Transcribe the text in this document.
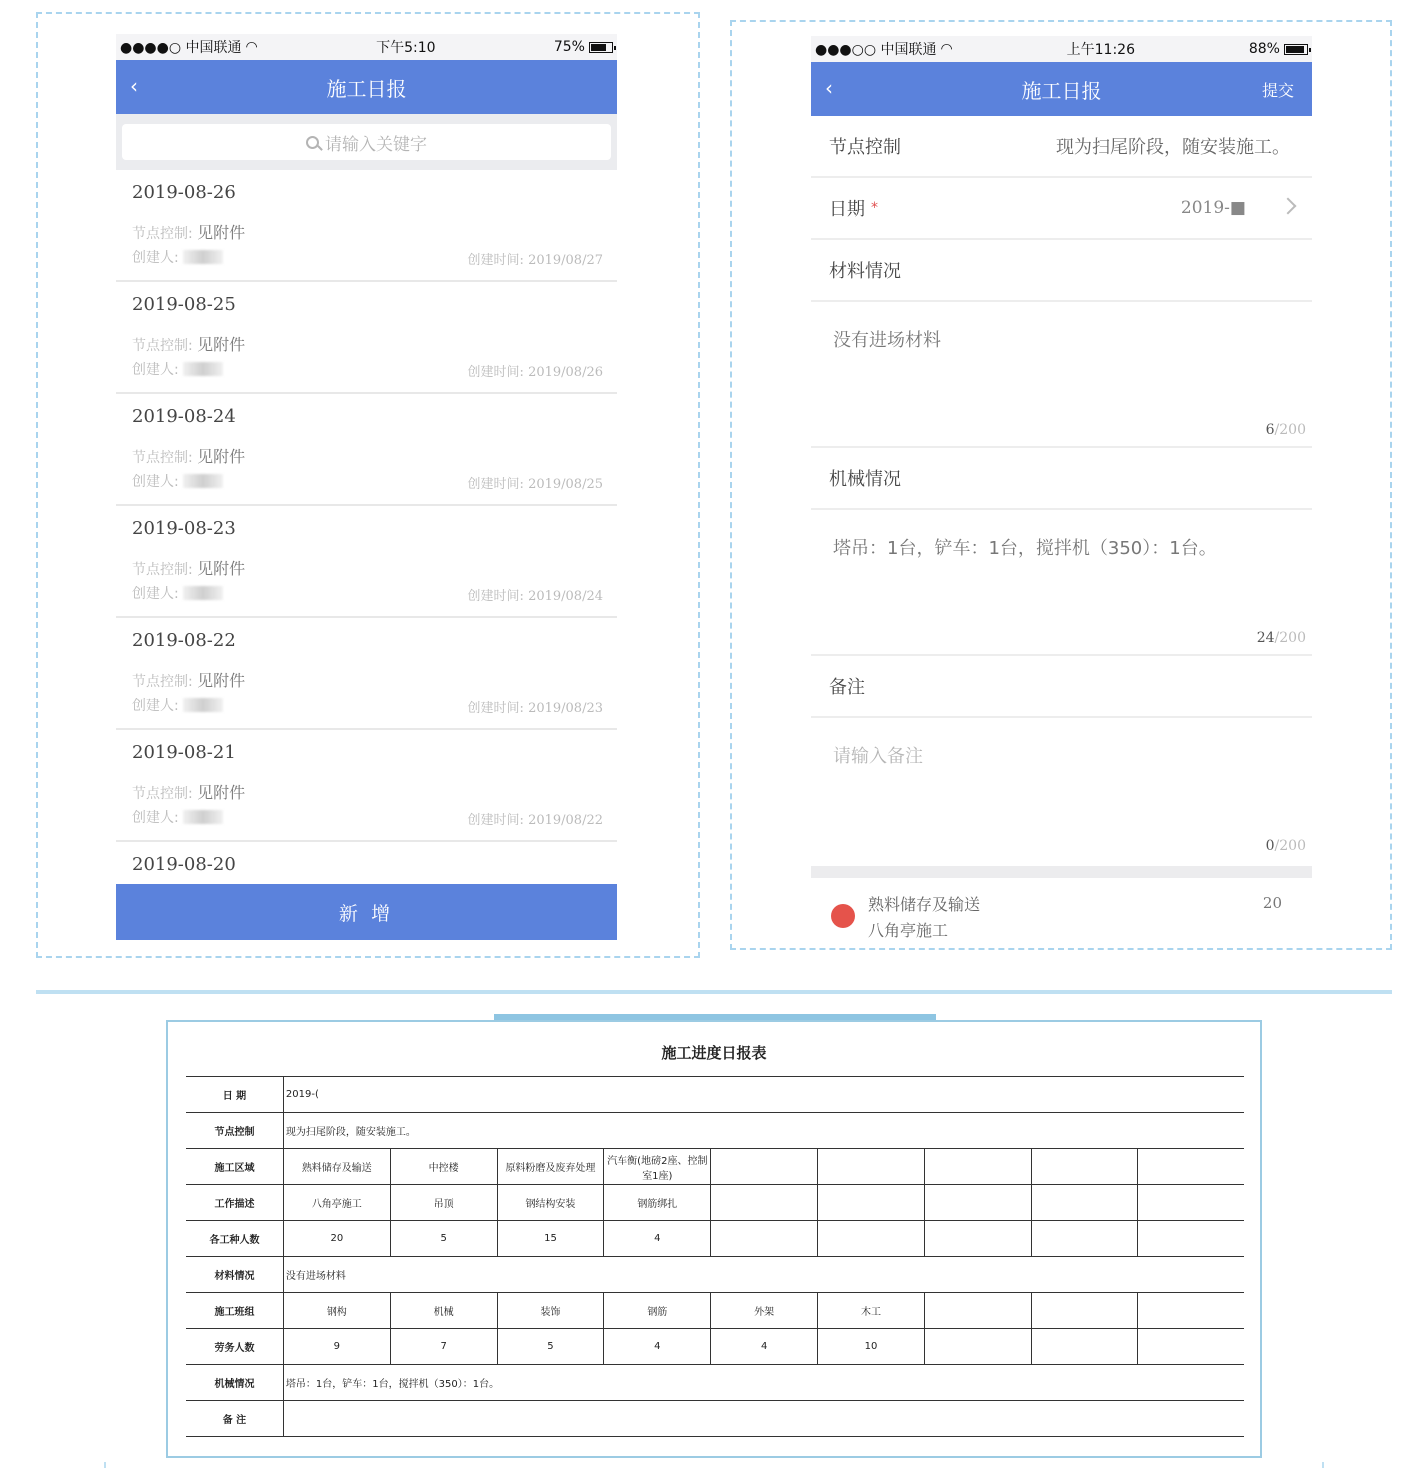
●●●●○ 中国联通 ◠	下午5:10	75%
‹	施工日报
请输入关键字
2019-08-26
节点控制: 见附件
创建人:	创建时间: 2019/08/27
2019-08-25
节点控制: 见附件
创建人:	创建时间: 2019/08/26
2019-08-24
节点控制: 见附件
创建人:	创建时间: 2019/08/25
2019-08-23
节点控制: 见附件
创建人:	创建时间: 2019/08/24
2019-08-22
节点控制: 见附件
创建人:	创建时间: 2019/08/23
2019-08-21
节点控制: 见附件
创建人:	创建时间: 2019/08/22
2019-08-20
新 增
●●●○○ 中国联通 ◠	上午11:26	88%
‹	施工日报	提交
节点控制	现为扫尾阶段，随安装施工。
日期 *	2019-■
材料情况
没有进场材料
6/200
机械情况
塔吊：1台，铲车：1台，搅拌机（350）：1台。
24/200
备注
请输入备注
0/200
熟料储存及输送
八角亭施工
20
施工进度日报表
日 期	2019-(								
节点控制	现为扫尾阶段，随安装施工。								
施工区域	熟料储存及输送	中控楼	原料粉磨及废弃处理	汽车衡(地磅2座、控制室1座)					
工作描述	八角亭施工	吊顶	钢结构安装	钢筋绑扎					
各工种人数	20	5	15	4					
材料情况	没有进场材料								
施工班组	钢构	机械	装饰	钢筋	外架	木工			
劳务人数	9	7	5	4	4	10			
机械情况	塔吊：1台，铲车：1台，搅拌机（350）：1台。								
备 注									
